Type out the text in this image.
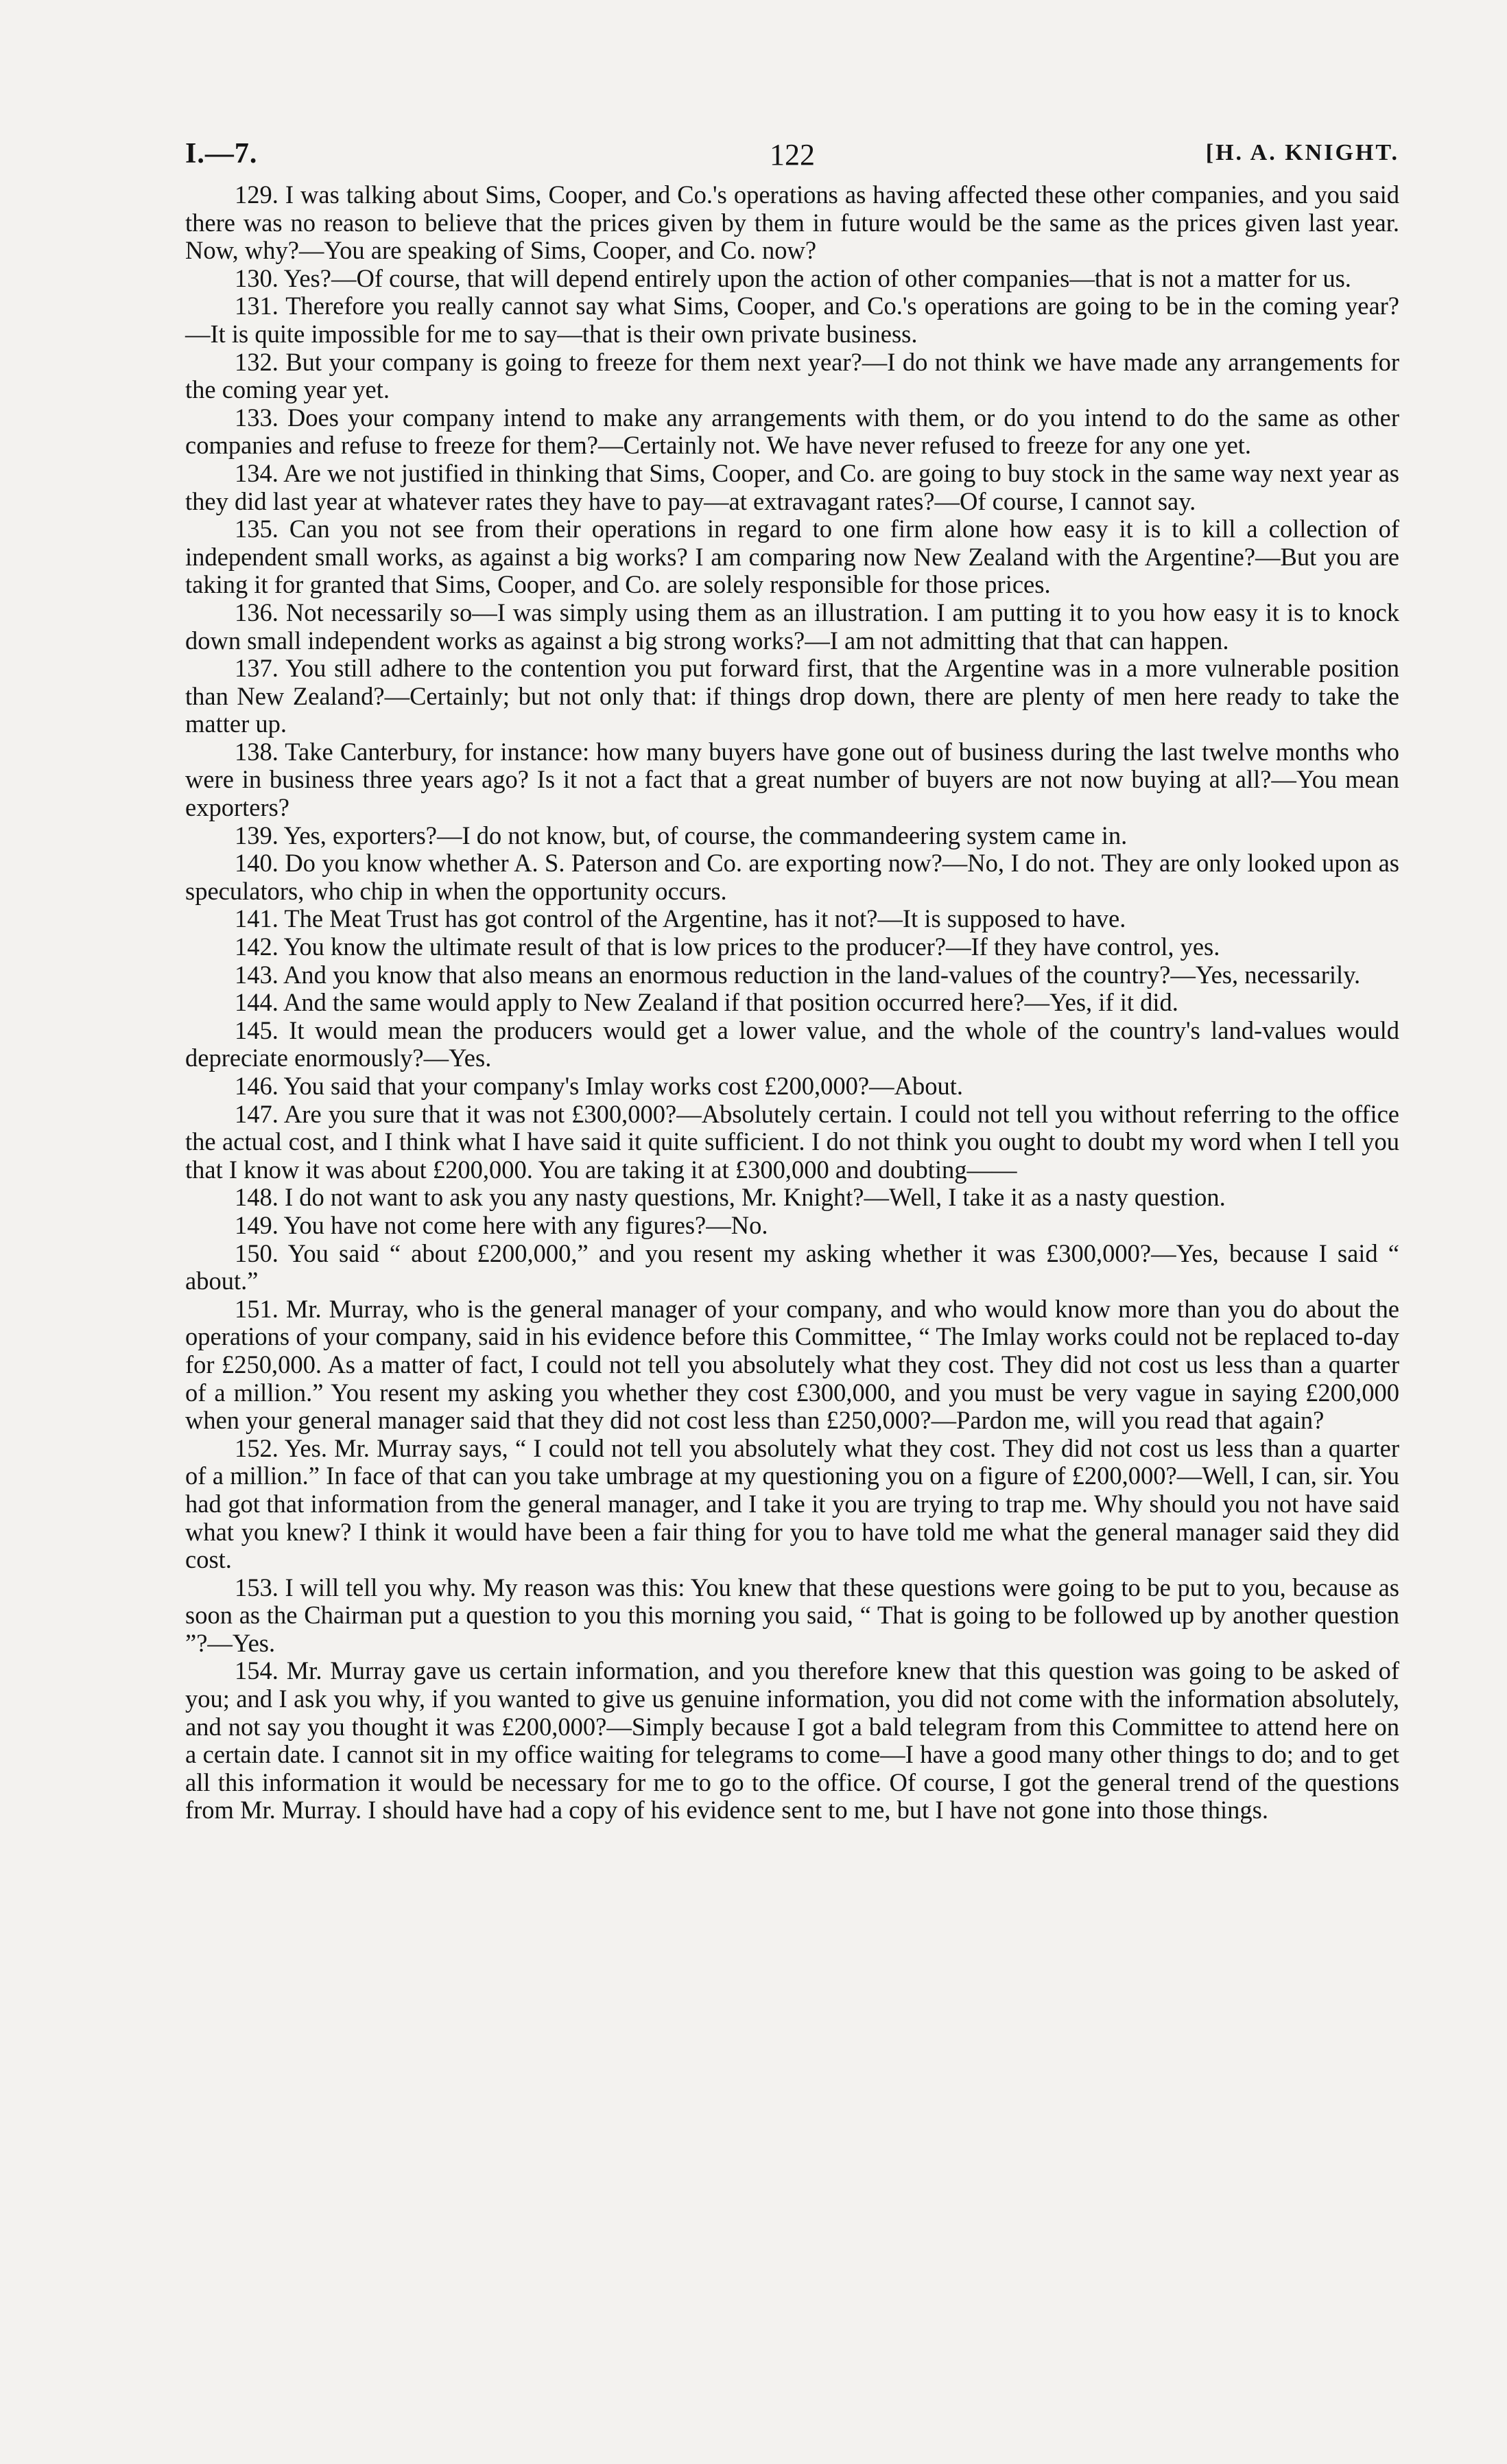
I.—7.	122	[H. A. KNIGHT.

129. I was talking about Sims, Cooper, and Co.'s operations as having affected these other companies, and you said there was no reason to believe that the prices given by them in future would be the same as the prices given last year. Now, why?—You are speaking of Sims, Cooper, and Co. now?

130. Yes?—Of course, that will depend entirely upon the action of other companies—that is not a matter for us.

131. Therefore you really cannot say what Sims, Cooper, and Co.'s operations are going to be in the coming year?—It is quite impossible for me to say—that is their own private business.

132. But your company is going to freeze for them next year?—I do not think we have made any arrangements for the coming year yet.

133. Does your company intend to make any arrangements with them, or do you intend to do the same as other companies and refuse to freeze for them?—Certainly not. We have never refused to freeze for any one yet.

134. Are we not justified in thinking that Sims, Cooper, and Co. are going to buy stock in the same way next year as they did last year at whatever rates they have to pay—at extravagant rates?—Of course, I cannot say.

135. Can you not see from their operations in regard to one firm alone how easy it is to kill a collection of independent small works, as against a big works? I am comparing now New Zealand with the Argentine?—But you are taking it for granted that Sims, Cooper, and Co. are solely responsible for those prices.

136. Not necessarily so—I was simply using them as an illustration. I am putting it to you how easy it is to knock down small independent works as against a big strong works?—I am not admitting that that can happen.

137. You still adhere to the contention you put forward first, that the Argentine was in a more vulnerable position than New Zealand?—Certainly; but not only that: if things drop down, there are plenty of men here ready to take the matter up.

138. Take Canterbury, for instance: how many buyers have gone out of business during the last twelve months who were in business three years ago? Is it not a fact that a great number of buyers are not now buying at all?—You mean exporters?

139. Yes, exporters?—I do not know, but, of course, the commandeering system came in.

140. Do you know whether A. S. Paterson and Co. are exporting now?—No, I do not. They are only looked upon as speculators, who chip in when the opportunity occurs.

141. The Meat Trust has got control of the Argentine, has it not?—It is supposed to have.

142. You know the ultimate result of that is low prices to the producer?—If they have control, yes.

143. And you know that also means an enormous reduction in the land-values of the country?—Yes, necessarily.

144. And the same would apply to New Zealand if that position occurred here?—Yes, if it did.

145. It would mean the producers would get a lower value, and the whole of the country's land-values would depreciate enormously?—Yes.

146. You said that your company's Imlay works cost £200,000?—About.

147. Are you sure that it was not £300,000?—Absolutely certain. I could not tell you without referring to the office the actual cost, and I think what I have said it quite sufficient. I do not think you ought to doubt my word when I tell you that I know it was about £200,000. You are taking it at £300,000 and doubting——

148. I do not want to ask you any nasty questions, Mr. Knight?—Well, I take it as a nasty question.

149. You have not come here with any figures?—No.

150. You said “ about £200,000,” and you resent my asking whether it was £300,000?—Yes, because I said “ about.”

151. Mr. Murray, who is the general manager of your company, and who would know more than you do about the operations of your company, said in his evidence before this Committee, “ The Imlay works could not be replaced to-day for £250,000. As a matter of fact, I could not tell you absolutely what they cost. They did not cost us less than a quarter of a million.” You resent my asking you whether they cost £300,000, and you must be very vague in saying £200,000 when your general manager said that they did not cost less than £250,000?—Pardon me, will you read that again?

152. Yes. Mr. Murray says, “ I could not tell you absolutely what they cost. They did not cost us less than a quarter of a million.” In face of that can you take umbrage at my questioning you on a figure of £200,000?—Well, I can, sir. You had got that information from the general manager, and I take it you are trying to trap me. Why should you not have said what you knew? I think it would have been a fair thing for you to have told me what the general manager said they did cost.

153. I will tell you why. My reason was this: You knew that these questions were going to be put to you, because as soon as the Chairman put a question to you this morning you said, “ That is going to be followed up by another question ”?—Yes.

154. Mr. Murray gave us certain information, and you therefore knew that this question was going to be asked of you; and I ask you why, if you wanted to give us genuine information, you did not come with the information absolutely, and not say you thought it was £200,000?—Simply because I got a bald telegram from this Committee to attend here on a certain date. I cannot sit in my office waiting for telegrams to come—I have a good many other things to do; and to get all this information it would be necessary for me to go to the office. Of course, I got the general trend of the questions from Mr. Murray. I should have had a copy of his evidence sent to me, but I have not gone into those things.
